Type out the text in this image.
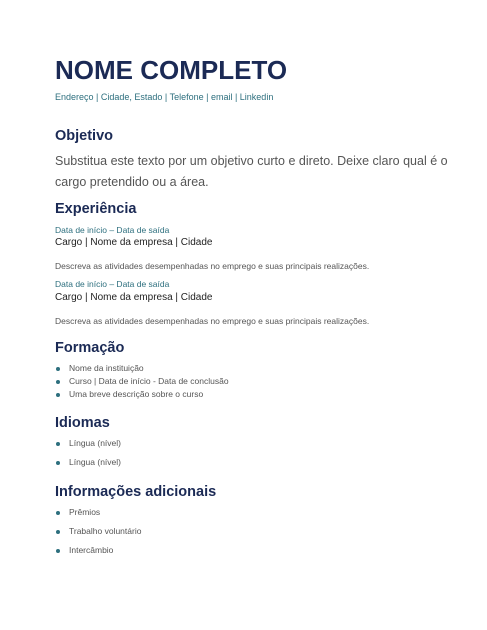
NOME COMPLETO
Endereço | Cidade, Estado | Telefone | email | Linkedin
Objetivo
Substitua este texto por um objetivo curto e direto. Deixe claro qual é o cargo pretendido ou a área.
Experiência
Data de início – Data de saída
Cargo | Nome da empresa | Cidade
Descreva as atividades desempenhadas no emprego e suas principais realizações.
Data de início – Data de saída
Cargo | Nome da empresa | Cidade
Descreva as atividades desempenhadas no emprego e suas principais realizações.
Formação
Nome da instituição
Curso | Data de início - Data de conclusão
Uma breve descrição sobre o curso
Idiomas
Língua (nível)
Língua (nível)
Informações adicionais
Prêmios
Trabalho voluntário
Intercâmbio
